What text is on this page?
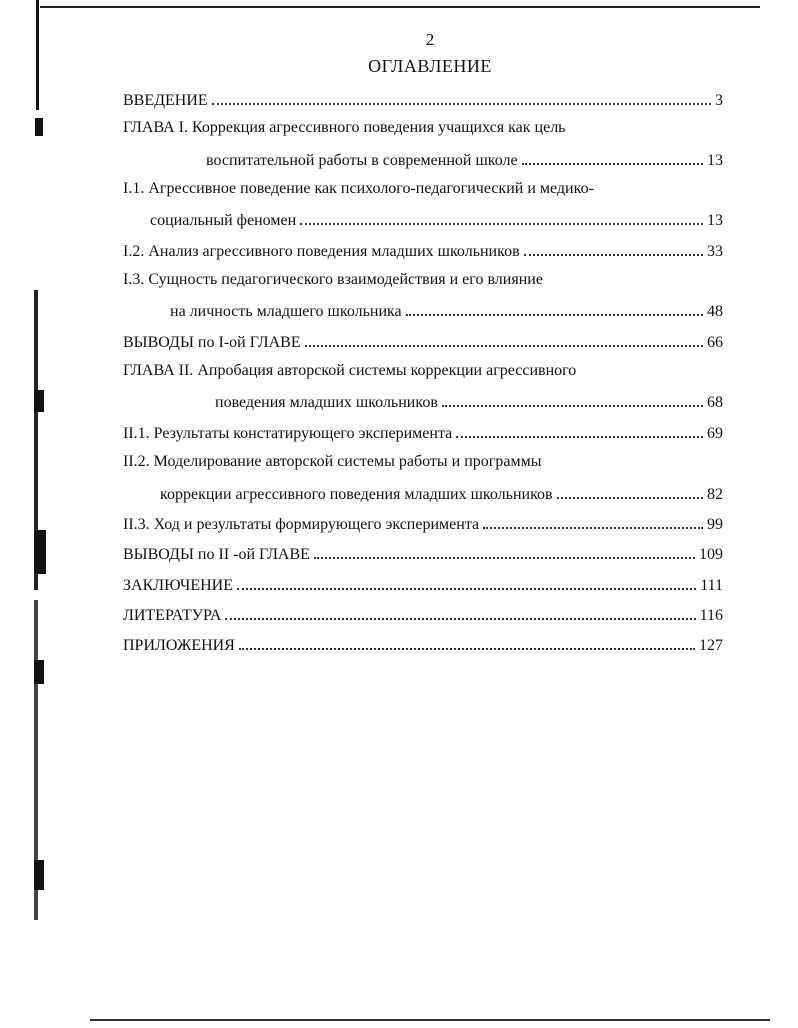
2
ОГЛАВЛЕНИЕ
ВВЕДЕНИЕ	3
ГЛАВА I. Коррекция агрессивного поведения учащихся как цель
воспитательной работы в современной школе	13
I.1. Агрессивное поведение как психолого-педагогический и медико-
социальный феномен	13
I.2. Анализ агрессивного поведения младших школьников	33
I.3. Сущность педагогического взаимодействия и его влияние
на личность младшего школьника	48
ВЫВОДЫ по I-ой ГЛАВЕ	66
ГЛАВА II. Апробация авторской системы коррекции агрессивного
поведения младших школьников	68
II.1. Результаты констатирующего эксперимента	69
II.2. Моделирование авторской системы работы и программы
коррекции агрессивного поведения младших школьников	82
II.3. Ход и результаты формирующего эксперимента	99
ВЫВОДЫ по II -ой ГЛАВЕ	109
ЗАКЛЮЧЕНИЕ	111
ЛИТЕРАТУРА	116
ПРИЛОЖЕНИЯ	127
